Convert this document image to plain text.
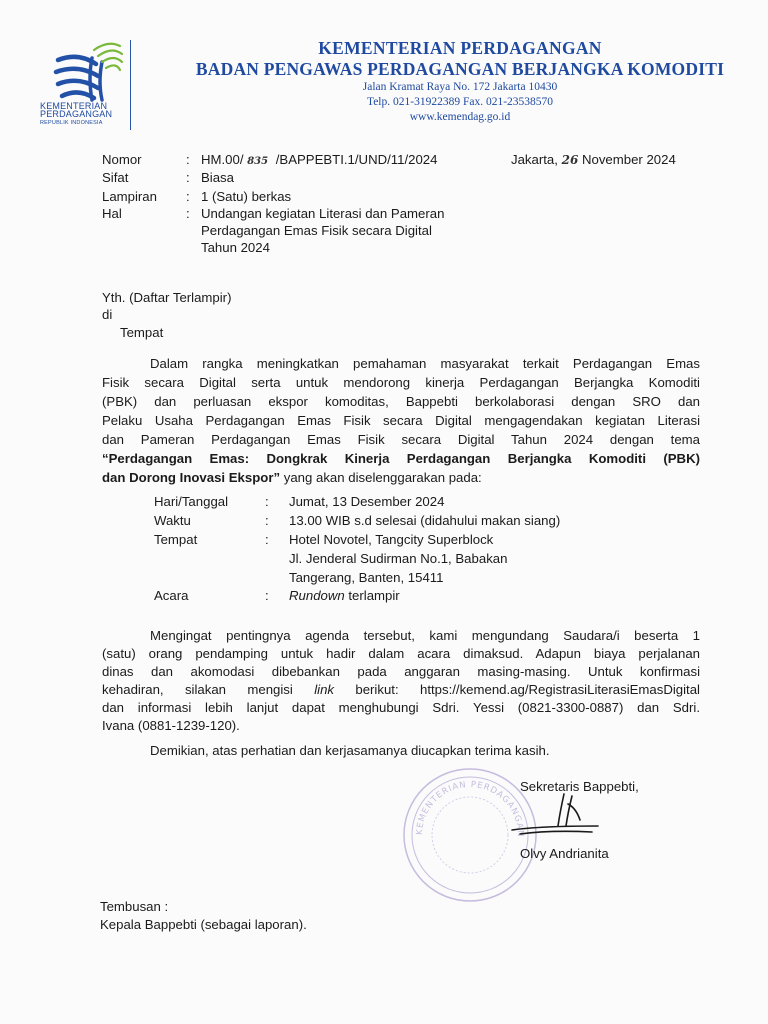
KEMENTERIAN
PERDAGANGAN
REPUBLIK INDONESIA
KEMENTERIAN PERDAGANGAN
BADAN PENGAWAS PERDAGANGAN BERJANGKA KOMODITI
Jalan Kramat Raya No. 172 Jakarta 10430
Telp. 021-31922389 Fax. 021-23538570
www.kemendag.go.id
Nomor	: HM.00/ 835 /BAPPEBTI.1/UND/11/2024	Jakarta, 26 November 2024
Sifat	: Biasa
Lampiran : 1 (Satu) berkas
Hal	: Undangan kegiatan Literasi dan Pameran
Perdagangan Emas Fisik secara Digital
Tahun 2024
Yth. (Daftar Terlampir)
di
Tempat
Dalam rangka meningkatkan pemahaman masyarakat terkait Perdagangan Emas
Fisik secara Digital serta untuk mendorong kinerja Perdagangan Berjangka Komoditi
(PBK) dan perluasan ekspor komoditas, Bappebti berkolaborasi dengan SRO dan
Pelaku Usaha Perdagangan Emas Fisik secara Digital mengagendakan kegiatan Literasi
dan Pameran Perdagangan Emas Fisik secara Digital Tahun 2024 dengan tema
“Perdagangan Emas: Dongkrak Kinerja Perdagangan Berjangka Komoditi (PBK)
dan Dorong Inovasi Ekspor” yang akan diselenggarakan pada:
Hari/Tanggal	: Jumat, 13 Desember 2024
Waktu	: 13.00 WIB s.d selesai (didahului makan siang)
Tempat	: Hotel Novotel, Tangcity Superblock
Jl. Jenderal Sudirman No.1, Babakan
Tangerang, Banten, 15411
Acara	: Rundown terlampir
Mengingat pentingnya agenda tersebut, kami mengundang Saudara/i beserta 1
(satu) orang pendamping untuk hadir dalam acara dimaksud. Adapun biaya perjalanan
dinas dan akomodasi dibebankan pada anggaran masing-masing. Untuk konfirmasi
kehadiran, silakan mengisi link berikut: https://kemend.ag/RegistrasiLiterasiEmasDigital
dan informasi lebih lanjut dapat menghubungi Sdri. Yessi (0821-3300-0887) dan Sdri.
Ivana (0881-1239-120).
Demikian, atas perhatian dan kerjasamanya diucapkan terima kasih.
KEMENTERIAN PERDAGANGAN
Sekretaris Bappebti,
Olvy Andrianita
Tembusan :
Kepala Bappebti (sebagai laporan).
